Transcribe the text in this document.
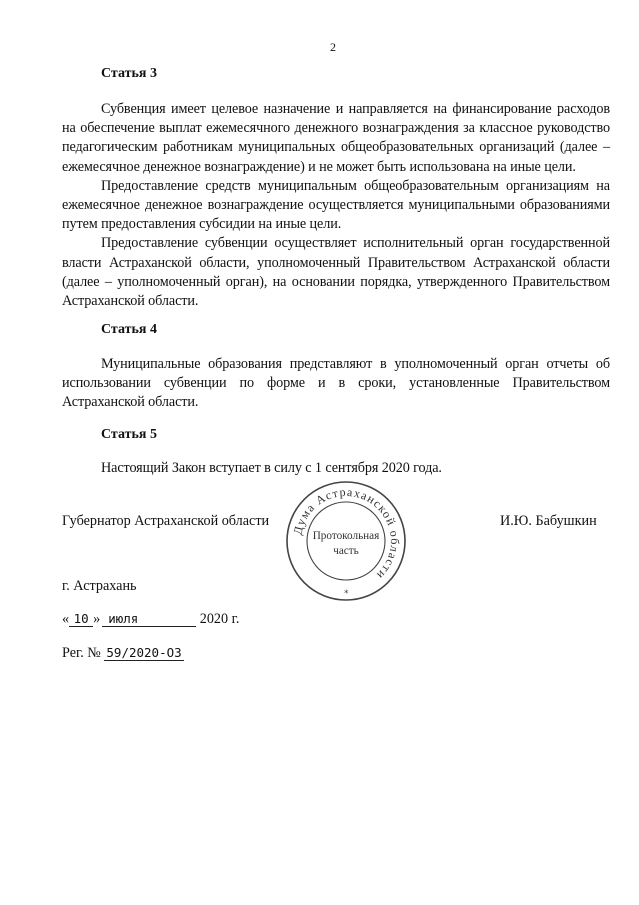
2
Статья 3

Субвенция имеет целевое назначение и направляется на финансирование расходов на обеспечение выплат ежемесячного денежного вознаграждения за классное руководство педагогическим работникам муниципальных общеобразовательных организаций (далее – ежемесячное денежное вознаграждение) и не может быть использована на иные цели.

Предоставление средств муниципальным общеобразовательным организациям на ежемесячное денежное вознаграждение осуществляется муниципальными образованиями путем предоставления субсидии на иные цели.

Предоставление субвенции осуществляет исполнительный орган государственной власти Астраханской области, уполномоченный Правительством Астраханской области (далее – уполномоченный орган), на основании порядка, утвержденного Правительством Астраханской области.

Статья 4

Муниципальные образования представляют в уполномоченный орган отчеты об использовании субвенции по форме и в сроки, установленные Правительством Астраханской области.

Статья 5

Настоящий Закон вступает в силу с 1 сентября 2020 года.

Губернатор Астраханской области	И.Ю. Бабушкин
Дума Астраханской области
*
Протокольная
часть
г. Астрахань
« 10 » июля	2020 г.
Рег. № 59/2020-ОЗ
